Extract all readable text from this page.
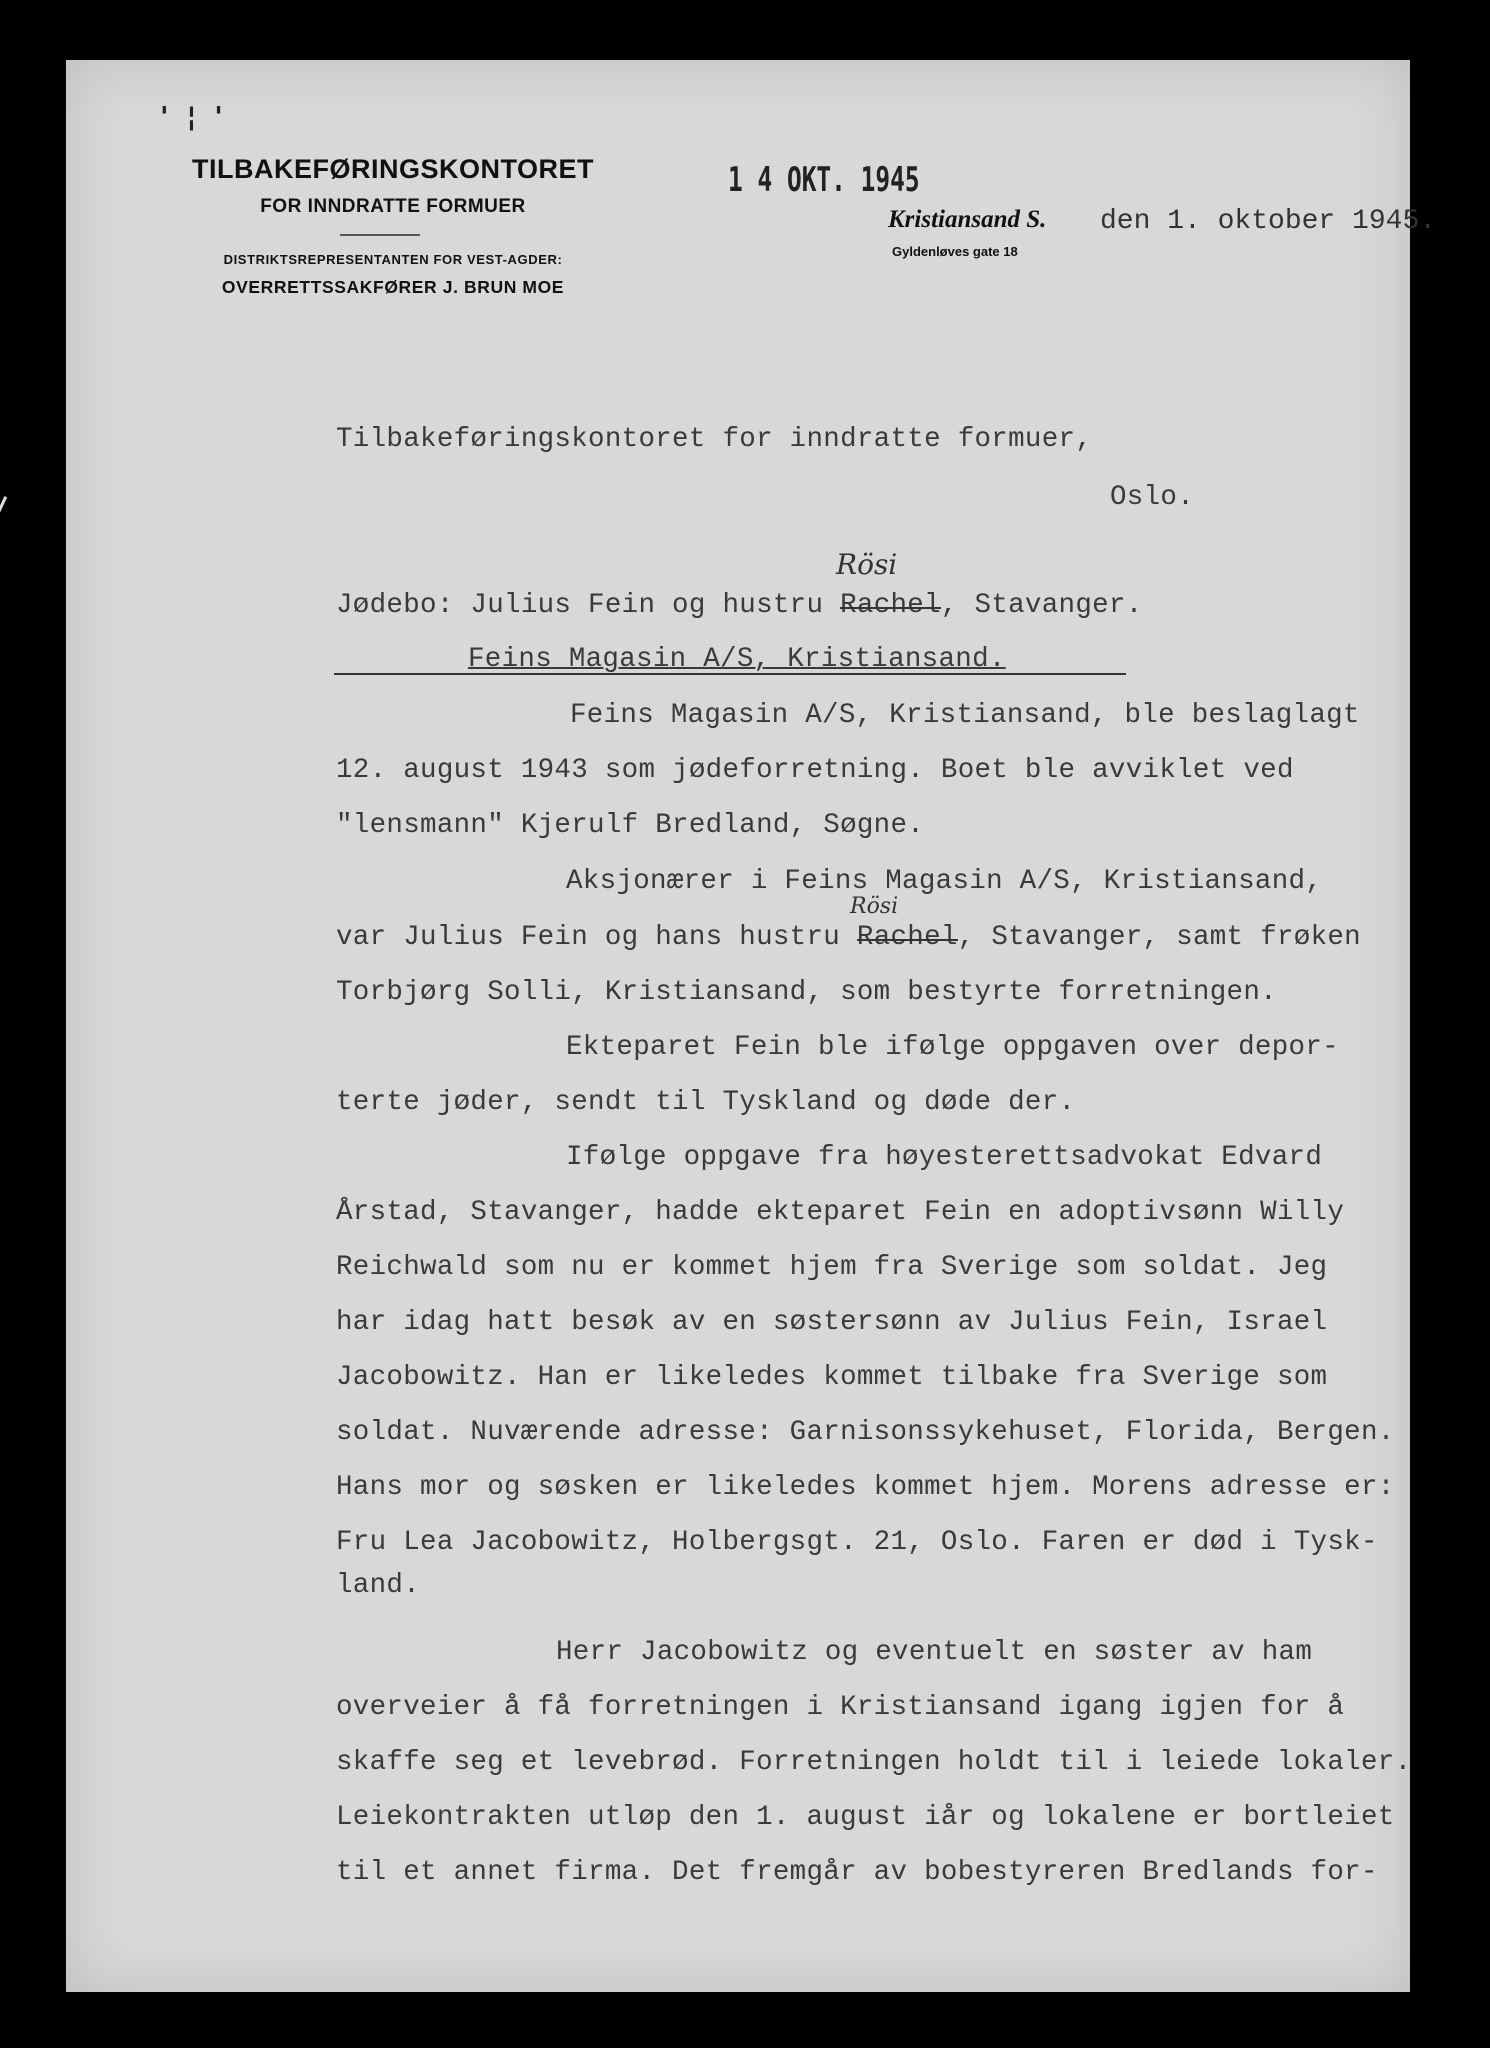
' ¦ '
TILBAKEFØRINGSKONTORET
FOR INNDRATTE FORMUER
DISTRIKTSREPRESENTANTEN FOR VEST-AGDER:
OVERRETTSSAKFØRER J. BRUN MOE
1 4 OKT. 1945
Kristiansand S.
Gyldenløves gate 18
den 1. oktober 1945.
Tilbakeføringskontoret for inndratte formuer,
Oslo.
Rösi
Jødebo: Julius Fein og hustru Rachel, Stavanger.
Feins Magasin A/S, Kristiansand.
Feins Magasin A/S, Kristiansand, ble beslaglagt
12. august 1943 som jødeforretning. Boet ble avviklet ved
"lensmann" Kjerulf Bredland, Søgne.
Aksjonærer i Feins Magasin A/S, Kristiansand,
Rösi
var Julius Fein og hans hustru Rachel, Stavanger, samt frøken
Torbjørg Solli, Kristiansand, som bestyrte forretningen.
Ekteparet Fein ble ifølge oppgaven over depor-
terte jøder, sendt til Tyskland og døde der.
Ifølge oppgave fra høyesterettsadvokat Edvard
Årstad, Stavanger, hadde ekteparet Fein en adoptivsønn Willy
Reichwald som nu er kommet hjem fra Sverige som soldat. Jeg
har idag hatt besøk av en søstersønn av Julius Fein, Israel
Jacobowitz. Han er likeledes kommet tilbake fra Sverige som
soldat. Nuværende adresse: Garnisonssykehuset, Florida, Bergen.
Hans mor og søsken er likeledes kommet hjem. Morens adresse er:
Fru Lea Jacobowitz, Holbergsgt. 21, Oslo. Faren er død i Tysk-
land.
Herr Jacobowitz og eventuelt en søster av ham
overveier å få forretningen i Kristiansand igang igjen for å
skaffe seg et levebrød. Forretningen holdt til i leiede lokaler.
Leiekontrakten utløp den 1. august iår og lokalene er bortleiet
til et annet firma. Det fremgår av bobestyreren Bredlands for-
